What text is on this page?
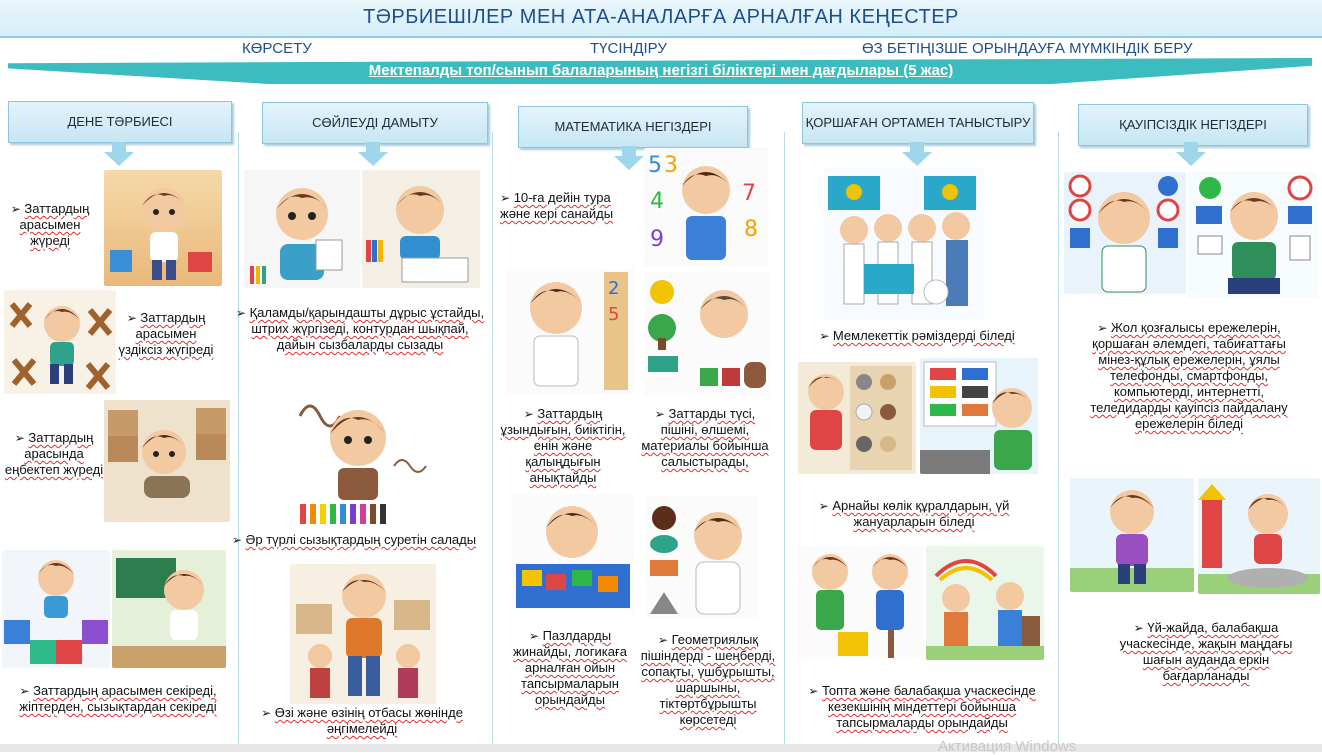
ТӘРБИЕШІЛЕР МЕН АТА-АНАЛАРҒА АРНАЛҒАН КЕҢЕСТЕР
КӨРСЕТУ	ТҮСІНДІРУ	ӨЗ БЕТІҢІЗШЕ ОРЫНДАУҒА МҮМКІНДІК БЕРУ
Мектепалды топ/сынып балаларының негізгі біліктері мен дағдылары (5 жас)
ДЕНЕ ТӘРБИЕСІ	СӨЙЛЕУДІ ДАМЫТУ	МАТЕМАТИКА НЕГІЗДЕРІ	ҚОРШАҒАН ОРТАМЕН ТАНЫСТЫРУ	ҚАУІПСІЗДІК НЕГІЗДЕРІ
➢ Заттардың арасымен жүреді
➢ Заттардың арасымен үздіксіз жүгіреді
➢ Заттардың арасында еңбектеп жүреді
➢ Заттардың арасымен секіреді, жіптерден, сызықтардан секіреді
➢ Қаламды/қарындашты дұрыс ұстайды, штрих жүргізеді, контурдан шықпай, дайын сызбаларды сызады
➢ Әр түрлі сызықтардың суретін салады
➢ Өзі және өзінің отбасы жөнінде әңгімелейді
5 3
4	7
8
9
2
5
➢ 10-ға дейін тура және кері санайды
➢ Заттардың ұзындығын, биіктігін, енін және қалыңдығын анықтайды
➢ Заттарды түсі, пішіні, өлшемі, материалы бойынша салыстырады,
➢ Пазлдарды жинайды, логикаға арналған ойын тапсырмаларын орындайды
➢ Геометриялық пішіндерді - шеңберді, сопақты, үшбұрышты, шаршыны, тіктөртбұрышты көрсетеді
➢ Мемлекеттік рәміздерді біледі
➢ Арнайы көлік құралдарын, үй жануарларын біледі
➢ Топта және балабақша учаскесінде кезекшінің міндеттері бойынша тапсырмаларды орындайды
➢ Жол қозғалысы ережелерін, қоршаған әлемдегі, табиғаттағы мінез-құлық ережелерін, ұялы телефонды, смартфонды, компьютерді, интернетті, теледидарды қауіпсіз пайдалану ережелерін біледі
➢ Үй-жайда, балабақша учаскесінде, жақын маңдағы шағын ауданда еркін бағдарланады
Активация Windows
